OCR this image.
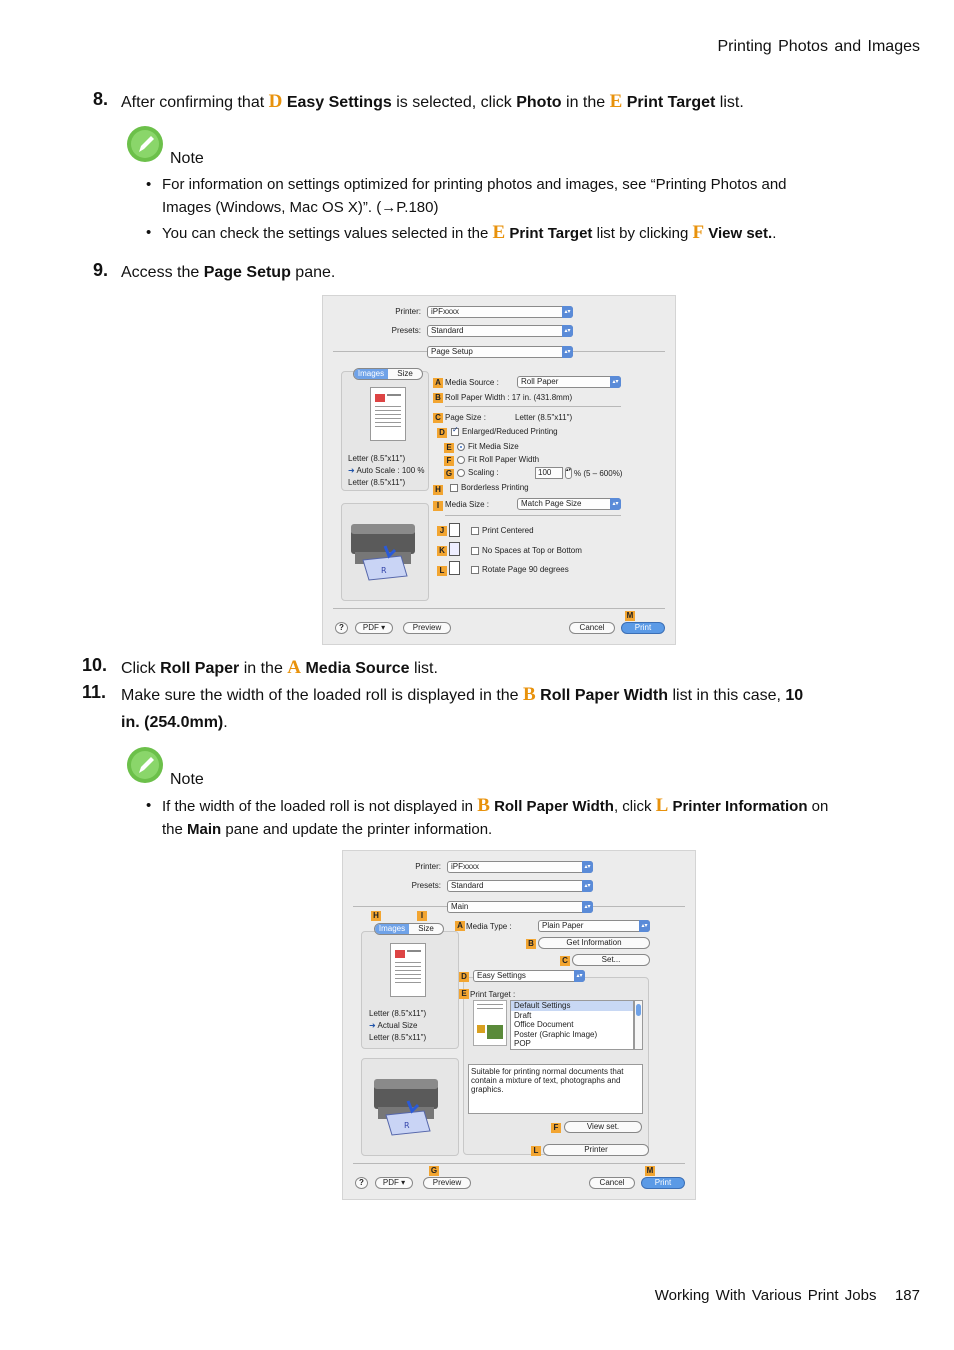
Printing Photos and Images
8. After confirming that D Easy Settings is selected, click Photo in the E Print Target list.
Note
• For information on settings optimized for printing photos and images, see “Printing Photos and
Images (Windows, Mac OS X)”. (→P.180)
• You can check the settings values selected in the E Print Target list by clicking F View set..
9. Access the Page Setup pane.
Printer:	iPFxxxx	▴▾
Presets:	Standard	▴▾
Page Setup	▴▾
Images	Size
Letter (8.5"x11")
➜ Auto Scale : 100 %
Letter (8.5"x11")
R
A Media Source :	Roll Paper	▴▾
B Roll Paper Width : 17 in. (431.8mm)
C Page Size :	Letter (8.5"x11")
D
✓	Enlarged/Reduced Printing
E	Fit Media Size
F	Fit Roll Paper Width
G	Scaling :	100	▴▾ % (5 – 600%)
H	Borderless Printing
I Media Size :	Match Page Size	▴▾
J	Print Centered
K	No Spaces at Top or Bottom
L	Rotate Page 90 degrees
M
?	PDF ▾	Preview	Cancel	Print
10. Click Roll Paper in the A Media Source list.
11. Make sure the width of the loaded roll is displayed in the B Roll Paper Width list in this case, 10
in. (254.0mm).
Note
• If the width of the loaded roll is not displayed in B Roll Paper Width, click L Printer Information on
the Main pane and update the printer information.
Printer:	iPFxxxx	▴▾
Presets:	Standard	▴▾
Main	▴▾
H	I
Images	Size
Letter (8.5"x11")
➜ Actual Size
Letter (8.5"x11")
R
A Media Type :	Plain Paper	▴▾
B	Get Information
C	Set...
D	Easy Settings	▴▾
E Print Target :
Default Settings
Draft
Office Document
Poster (Graphic Image)
POP
Suitable for printing normal documents that contain a mixture of text, photographs and graphics.
F	View set.
L	Printer
G	M
?	PDF ▾	Preview	Cancel	Print
Working With Various Print Jobs 187
